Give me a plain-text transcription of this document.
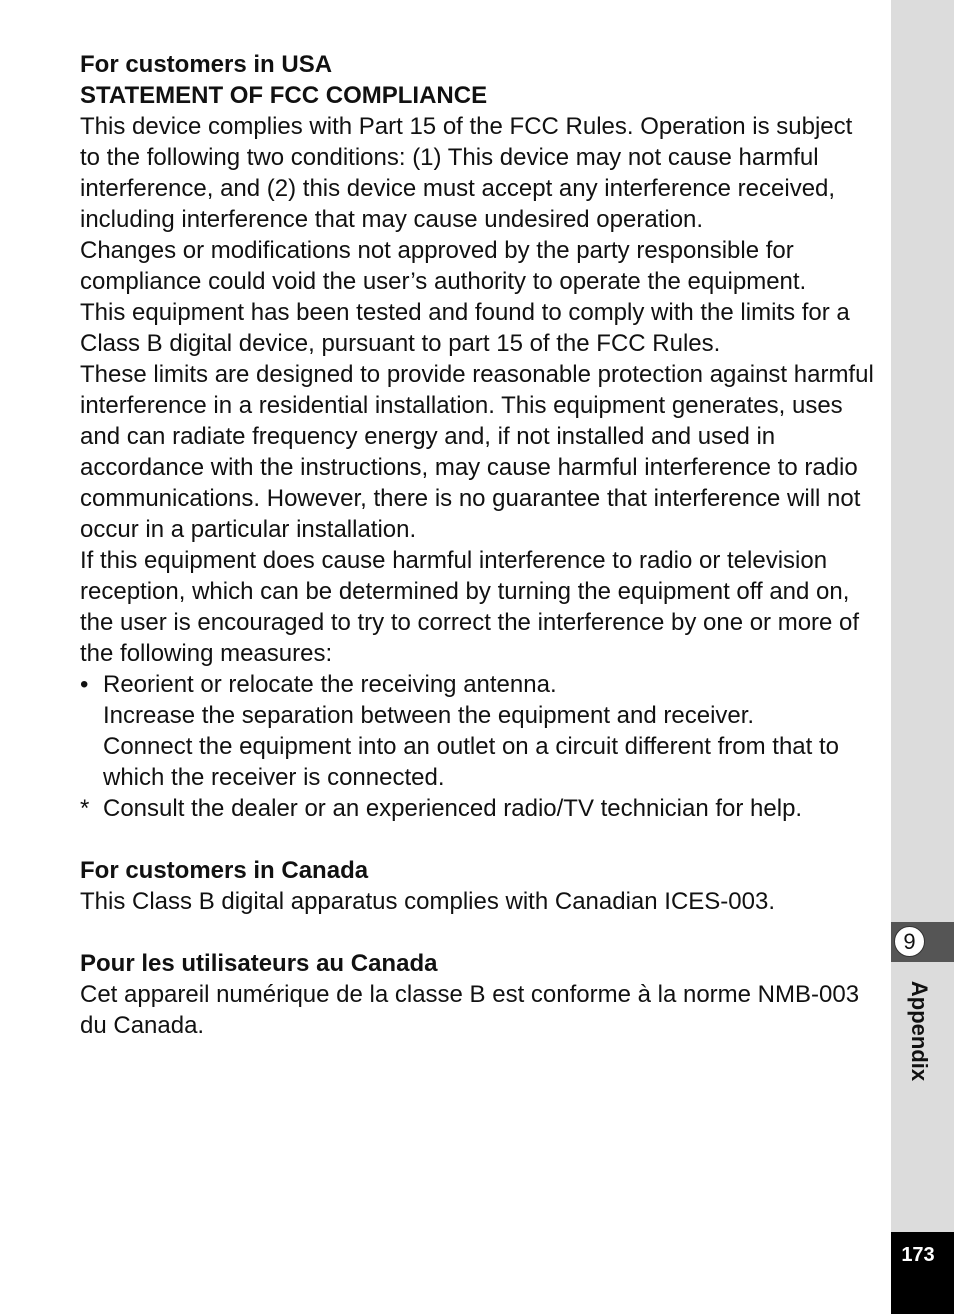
For customers in USA

STATEMENT OF FCC COMPLIANCE

This device complies with Part 15 of the FCC Rules. Operation is subject to the following two conditions: (1) This device may not cause harmful interference, and (2) this device must accept any interference received, including interference that may cause undesired operation.

Changes or modifications not approved by the party responsible for compliance could void the user’s authority to operate the equipment.

This equipment has been tested and found to comply with the limits for a Class B digital device, pursuant to part 15 of the FCC Rules.

These limits are designed to provide reasonable protection against harmful interference in a residential installation. This equipment generates, uses and can radiate frequency energy and, if not installed and used in accordance with the instructions, may cause harmful interference to radio communications. However, there is no guarantee that interference will not occur in a particular installation.

If this equipment does cause harmful interference to radio or television reception, which can be determined by turning the equipment off and on, the user is encouraged to try to correct the interference by one or more of the following measures:

• Reorient or relocate the receiving antenna.

Increase the separation between the equipment and receiver.

Connect the equipment into an outlet on a circuit different from that to which the receiver is connected.

* Consult the dealer or an experienced radio/TV technician for help.

For customers in Canada

This Class B digital apparatus complies with Canadian ICES-003.

Pour les utilisateurs au Canada

Cet appareil numérique de la classe B est conforme à la norme NMB-003 du Canada.

9
Appendix
173
